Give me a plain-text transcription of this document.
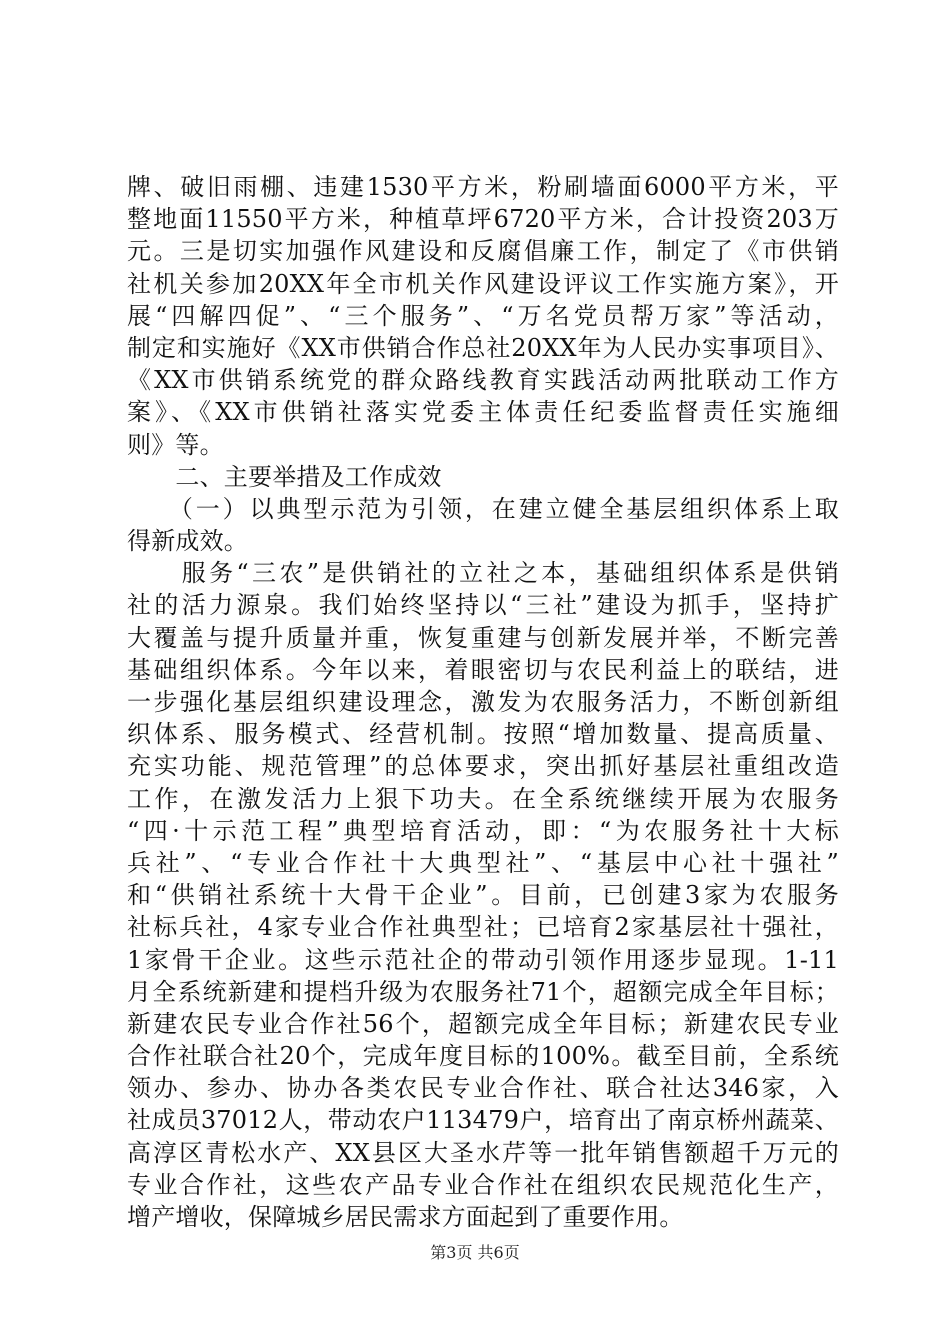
牌、破旧雨棚、违建1530平方米，粉刷墙面6000平方米，平
整地面11550平方米，种植草坪6720平方米，合计投资203万
元。三是切实加强作风建设和反腐倡廉工作，制定了《市供销
社机关参加20XX年全市机关作风建设评议工作实施方案》，开
展“四解四促”、“三个服务”、“万名党员帮万家”等活动，
制定和实施好《XX市供销合作总社20XX年为人民办实事项目》、
《XX市供销系统党的群众路线教育实践活动两批联动工作方
案》、《XX市供销社落实党委主体责任纪委监督责任实施细
则》等。
　　二、主要举措及工作成效
　　（一）以典型示范为引领，在建立健全基层组织体系上取
得新成效。
　　服务“三农”是供销社的立社之本，基础组织体系是供销
社的活力源泉。我们始终坚持以“三社”建设为抓手，坚持扩
大覆盖与提升质量并重，恢复重建与创新发展并举，不断完善
基础组织体系。今年以来，着眼密切与农民利益上的联结，进
一步强化基层组织建设理念，激发为农服务活力，不断创新组
织体系、服务模式、经营机制。按照“增加数量、提高质量、
充实功能、规范管理”的总体要求，突出抓好基层社重组改造
工作，在激发活力上狠下功夫。在全系统继续开展为农服务
“四·十示范工程”典型培育活动，即：“为农服务社十大标
兵社”、“专业合作社十大典型社”、“基层中心社十强社”
和“供销社系统十大骨干企业”。目前，已创建3家为农服务
社标兵社，4家专业合作社典型社；已培育2家基层社十强社，
1家骨干企业。这些示范社企的带动引领作用逐步显现。1-11
月全系统新建和提档升级为农服务社71个，超额完成全年目标；
新建农民专业合作社56个，超额完成全年目标；新建农民专业
合作社联合社20个，完成年度目标的100%。截至目前，全系统
领办、参办、协办各类农民专业合作社、联合社达346家，入
社成员37012人，带动农户113479户，培育出了南京桥州蔬菜、
高淳区青松水产、XX县区大圣水芹等一批年销售额超千万元的
专业合作社，这些农产品专业合作社在组织农民规范化生产，
增产增收，保障城乡居民需求方面起到了重要作用。
第3页 共6页
